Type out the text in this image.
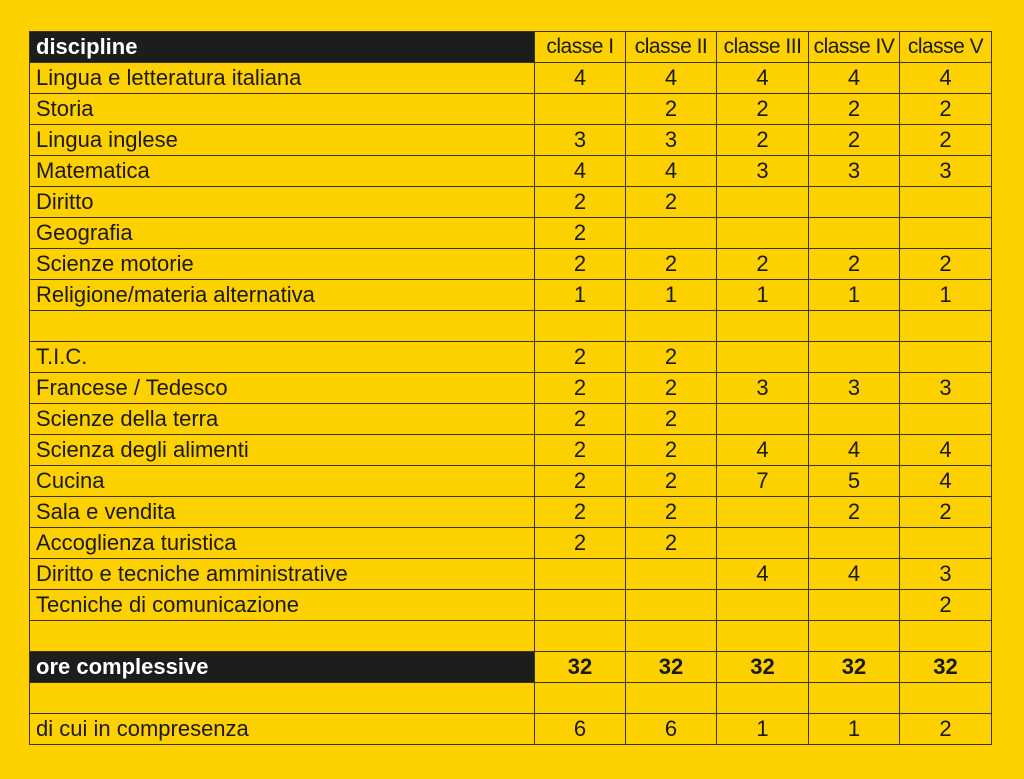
discipline	classe I	classe II	classe III	classe IV	classe V
Lingua e letteratura italiana	4	4	4	4	4
Storia		2	2	2	2
Lingua inglese	3	3	2	2	2
Matematica	4	4	3	3	3
Diritto	2	2			
Geografia	2				
Scienze motorie	2	2	2	2	2
Religione/materia alternativa	1	1	1	1	1

T.I.C.	2	2			
Francese / Tedesco	2	2	3	3	3
Scienze della terra	2	2			
Scienza degli alimenti	2	2	4	4	4
Cucina	2	2	7	5	4
Sala e vendita	2	2		2	2
Accoglienza turistica	2	2			
Diritto e tecniche amministrative			4	4	3
Tecniche di comunicazione					2

ore complessive	32	32	32	32	32

di cui in compresenza	6	6	1	1	2
